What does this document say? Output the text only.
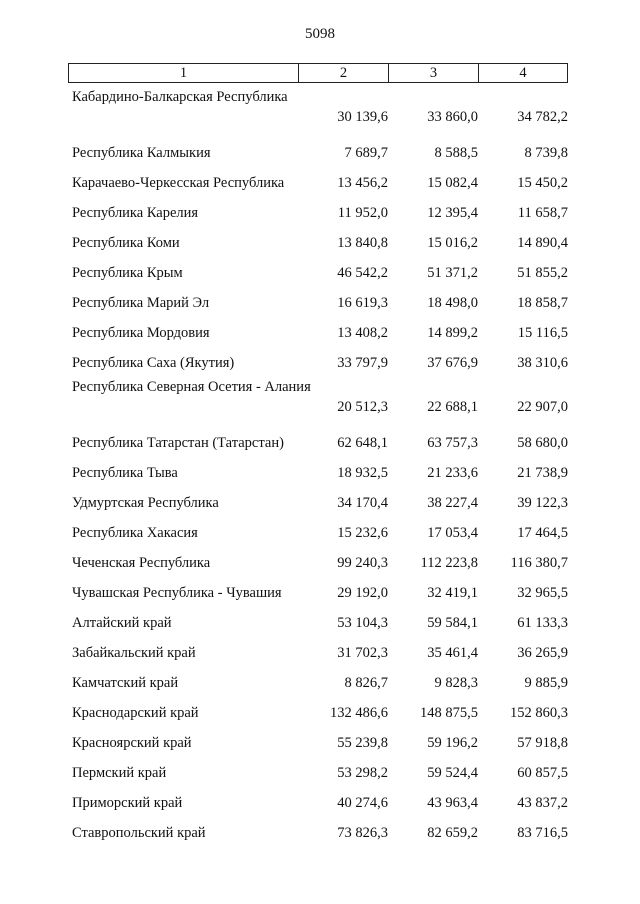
5098
1	2	3	4
Кабардино-Балкарская Республика
30 139,6	33 860,0	34 782,2
Республика Калмыкия	7 689,7	8 588,5	8 739,8
Карачаево-Черкесская Республика	13 456,2	15 082,4	15 450,2
Республика Карелия	11 952,0	12 395,4	11 658,7
Республика Коми	13 840,8	15 016,2	14 890,4
Республика Крым	46 542,2	51 371,2	51 855,2
Республика Марий Эл	16 619,3	18 498,0	18 858,7
Республика Мордовия	13 408,2	14 899,2	15 116,5
Республика Саха (Якутия)	33 797,9	37 676,9	38 310,6
Республика Северная Осетия - Алания
20 512,3	22 688,1	22 907,0
Республика Татарстан (Татарстан)	62 648,1	63 757,3	58 680,0
Республика Тыва	18 932,5	21 233,6	21 738,9
Удмуртская Республика	34 170,4	38 227,4	39 122,3
Республика Хакасия	15 232,6	17 053,4	17 464,5
Чеченская Республика	99 240,3	112 223,8	116 380,7
Чувашская Республика - Чувашия	29 192,0	32 419,1	32 965,5
Алтайский край	53 104,3	59 584,1	61 133,3
Забайкальский край	31 702,3	35 461,4	36 265,9
Камчатский край	8 826,7	9 828,3	9 885,9
Краснодарский край	132 486,6	148 875,5	152 860,3
Красноярский край	55 239,8	59 196,2	57 918,8
Пермский край	53 298,2	59 524,4	60 857,5
Приморский край	40 274,6	43 963,4	43 837,2
Ставропольский край	73 826,3	82 659,2	83 716,5
